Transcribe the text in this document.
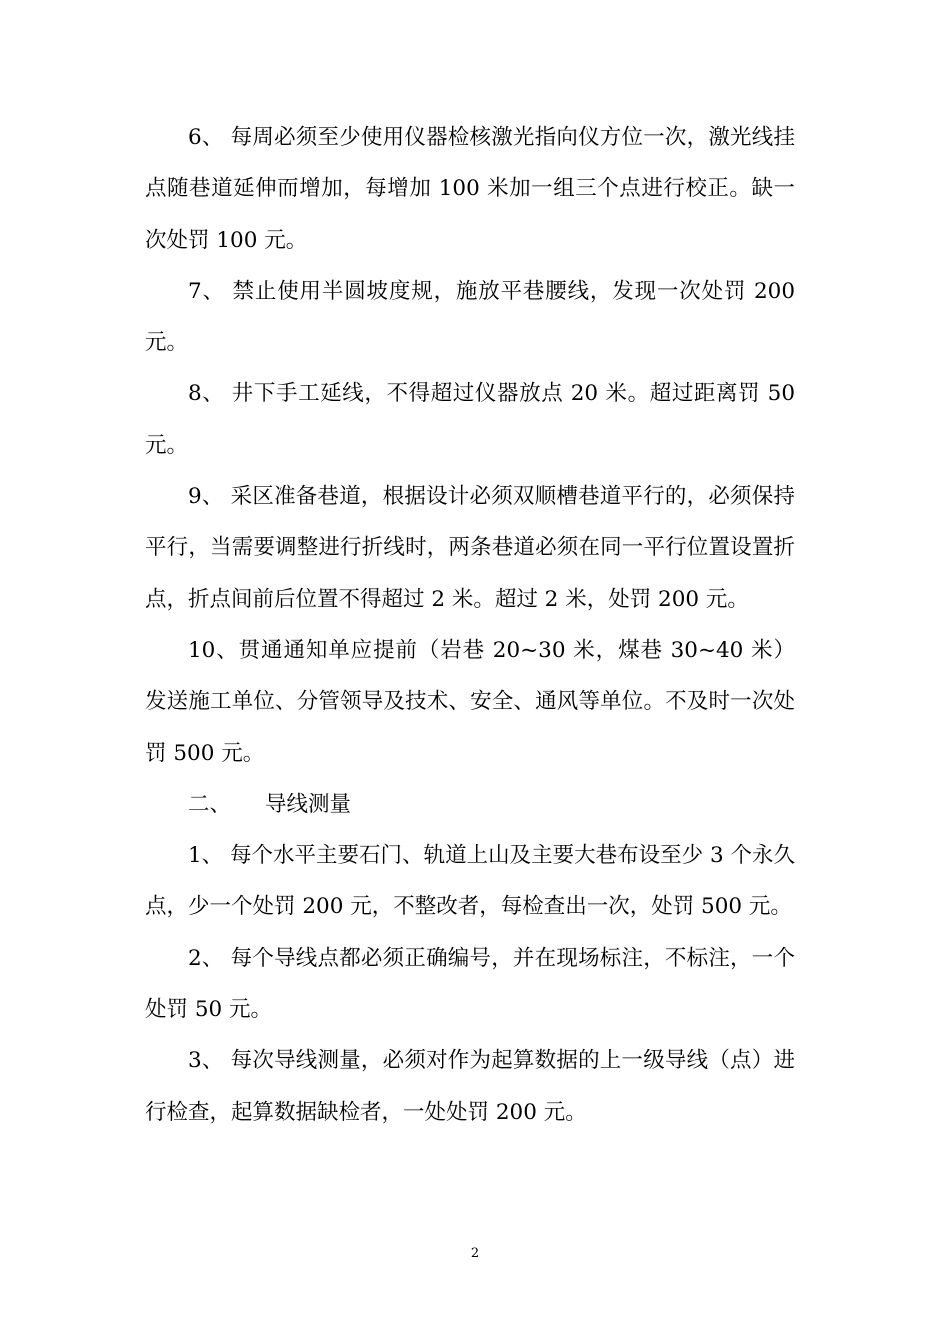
6、 每周必须至少使用仪器检核激光指向仪方位一次，激光线挂点随巷道延伸而增加，每增加 100 米加一组三个点进行校正。缺一次处罚 100 元。

7、 禁止使用半圆坡度规，施放平巷腰线，发现一次处罚 200 元。

8、 井下手工延线，不得超过仪器放点 20 米。超过距离罚 50 元。

9、 采区准备巷道，根据设计必须双顺槽巷道平行的，必须保持平行，当需要调整进行折线时，两条巷道必须在同一平行位置设置折点，折点间前后位置不得超过 2 米。超过 2 米，处罚 200 元。

10、贯通通知单应提前（岩巷 20~30 米，煤巷 30~40 米）发送施工单位、分管领导及技术、安全、通风等单位。不及时一次处罚 500 元。

二、 导线测量

1、 每个水平主要石门、轨道上山及主要大巷布设至少 3 个永久点，少一个处罚 200 元，不整改者，每检查出一次，处罚 500 元。

2、 每个导线点都必须正确编号，并在现场标注，不标注，一个处罚 50 元。

3、 每次导线测量，必须对作为起算数据的上一级导线（点）进行检查，起算数据缺检者，一处处罚 200 元。

2
